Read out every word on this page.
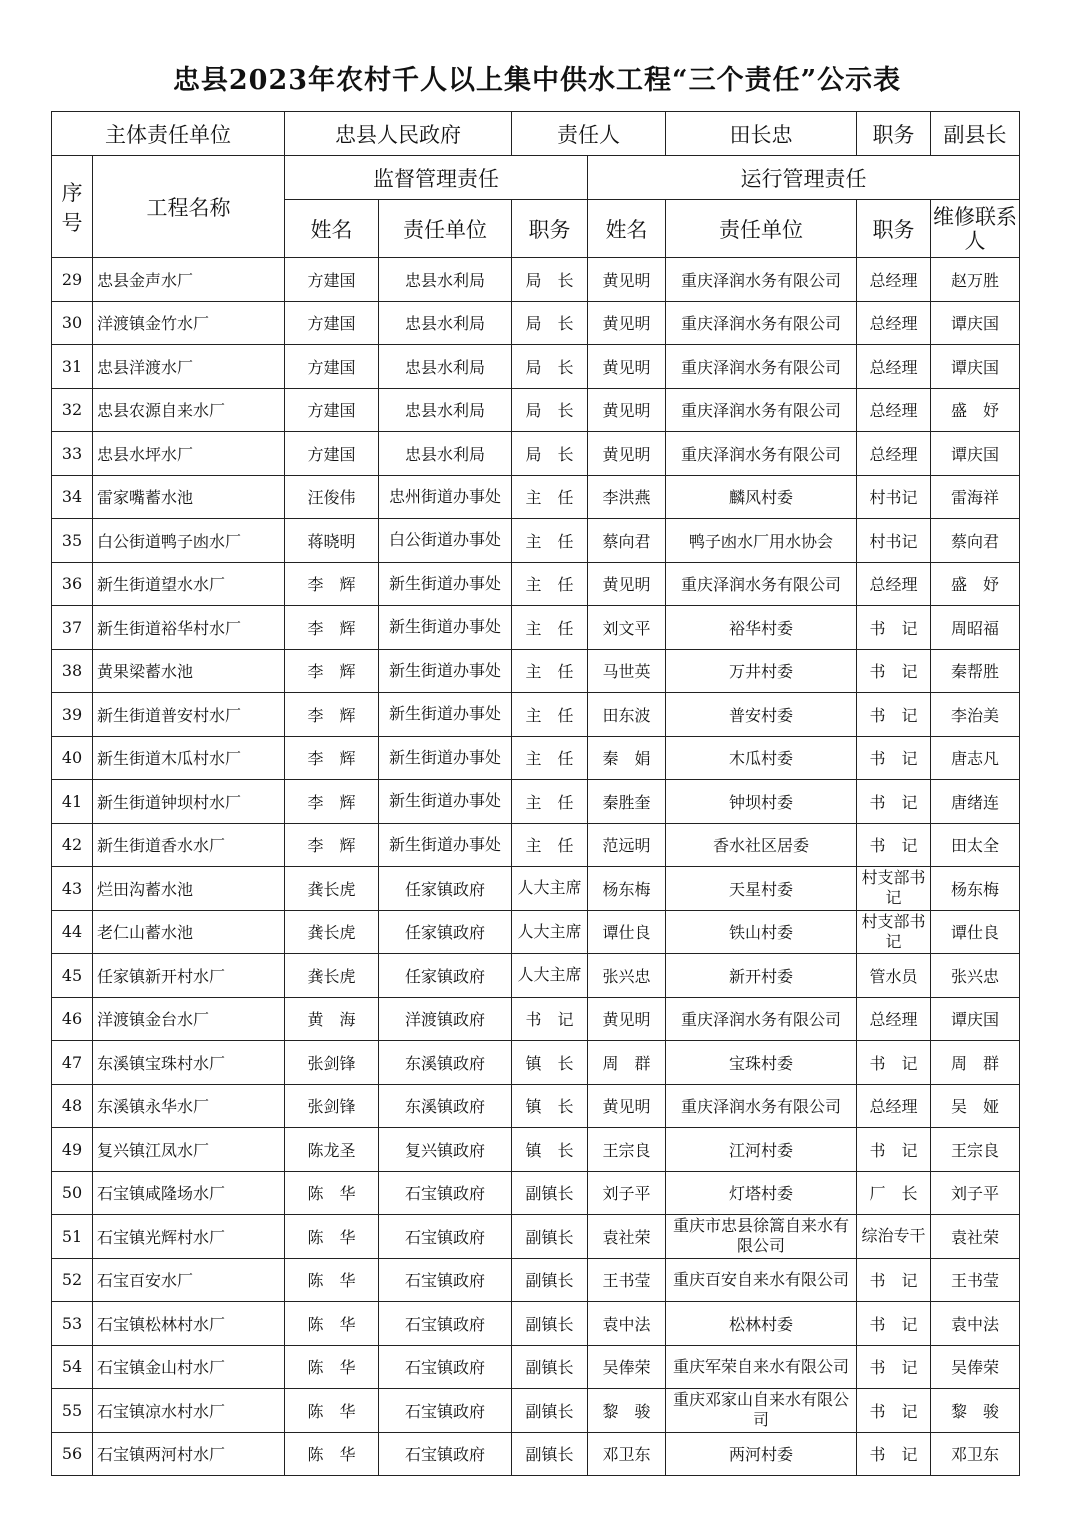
忠县2023年农村千人以上集中供水工程“三个责任”公示表
主体责任单位		忠县人民政府		责任人		田长忠	职务	副县长
序号	工程名称	监督管理责任			运行管理责任			
		姓名	责任单位	职务	姓名	责任单位	职务	维修联系人
29	忠县金声水厂	方建国	忠县水利局	局　长	黄见明	重庆泽润水务有限公司	总经理	赵万胜
30	洋渡镇金竹水厂	方建国	忠县水利局	局　长	黄见明	重庆泽润水务有限公司	总经理	谭庆国
31	忠县洋渡水厂	方建国	忠县水利局	局　长	黄见明	重庆泽润水务有限公司	总经理	谭庆国
32	忠县农源自来水厂	方建国	忠县水利局	局　长	黄见明	重庆泽润水务有限公司	总经理	盛　妤
33	忠县水坪水厂	方建国	忠县水利局	局　长	黄见明	重庆泽润水务有限公司	总经理	谭庆国
34	雷家嘴蓄水池	汪俊伟	忠州街道办事处	主　任	李洪燕	麟风村委	村书记	雷海祥
35	白公街道鸭子凼水厂	蒋晓明	白公街道办事处	主　任	蔡向君	鸭子凼水厂用水协会	村书记	蔡向君
36	新生街道望水水厂	李　辉	新生街道办事处	主　任	黄见明	重庆泽润水务有限公司	总经理	盛　妤
37	新生街道裕华村水厂	李　辉	新生街道办事处	主　任	刘文平	裕华村委	书　记	周昭福
38	黄果梁蓄水池	李　辉	新生街道办事处	主　任	马世英	万井村委	书　记	秦帮胜
39	新生街道普安村水厂	李　辉	新生街道办事处	主　任	田东波	普安村委	书　记	李治美
40	新生街道木瓜村水厂	李　辉	新生街道办事处	主　任	秦　娟	木瓜村委	书　记	唐志凡
41	新生街道钟坝村水厂	李　辉	新生街道办事处	主　任	秦胜奎	钟坝村委	书　记	唐绪连
42	新生街道香水水厂	李　辉	新生街道办事处	主　任	范远明	香水社区居委	书　记	田太全
43	烂田沟蓄水池	龚长虎	任家镇政府	人大主席	杨东梅	天星村委	村支部书记	杨东梅
44	老仁山蓄水池	龚长虎	任家镇政府	人大主席	谭仕良	铁山村委	村支部书记	谭仕良
45	任家镇新开村水厂	龚长虎	任家镇政府	人大主席	张兴忠	新开村委	管水员	张兴忠
46	洋渡镇金台水厂	黄　海	洋渡镇政府	书　记	黄见明	重庆泽润水务有限公司	总经理	谭庆国
47	东溪镇宝珠村水厂	张剑锋	东溪镇政府	镇　长	周　群	宝珠村委	书　记	周　群
48	东溪镇永华水厂	张剑锋	东溪镇政府	镇　长	黄见明	重庆泽润水务有限公司	总经理	吴　娅
49	复兴镇江凤水厂	陈龙圣	复兴镇政府	镇　长	王宗良	江河村委	书　记	王宗良
50	石宝镇咸隆场水厂	陈　华	石宝镇政府	副镇长	刘子平	灯塔村委	厂　长	刘子平
51	石宝镇光辉村水厂	陈　华	石宝镇政府	副镇长	袁社荣	重庆市忠县徐篙自来水有限公司	综治专干	袁社荣
52	石宝百安水厂	陈　华	石宝镇政府	副镇长	王书莹	重庆百安自来水有限公司	书　记	王书莹
53	石宝镇松林村水厂	陈　华	石宝镇政府	副镇长	袁中法	松林村委	书　记	袁中法
54	石宝镇金山村水厂	陈　华	石宝镇政府	副镇长	吴俸荣	重庆军荣自来水有限公司	书　记	吴俸荣
55	石宝镇凉水村水厂	陈　华	石宝镇政府	副镇长	黎　骏	重庆邓家山自来水有限公司	书　记	黎　骏
56	石宝镇两河村水厂	陈　华	石宝镇政府	副镇长	邓卫东	两河村委	书　记	邓卫东
